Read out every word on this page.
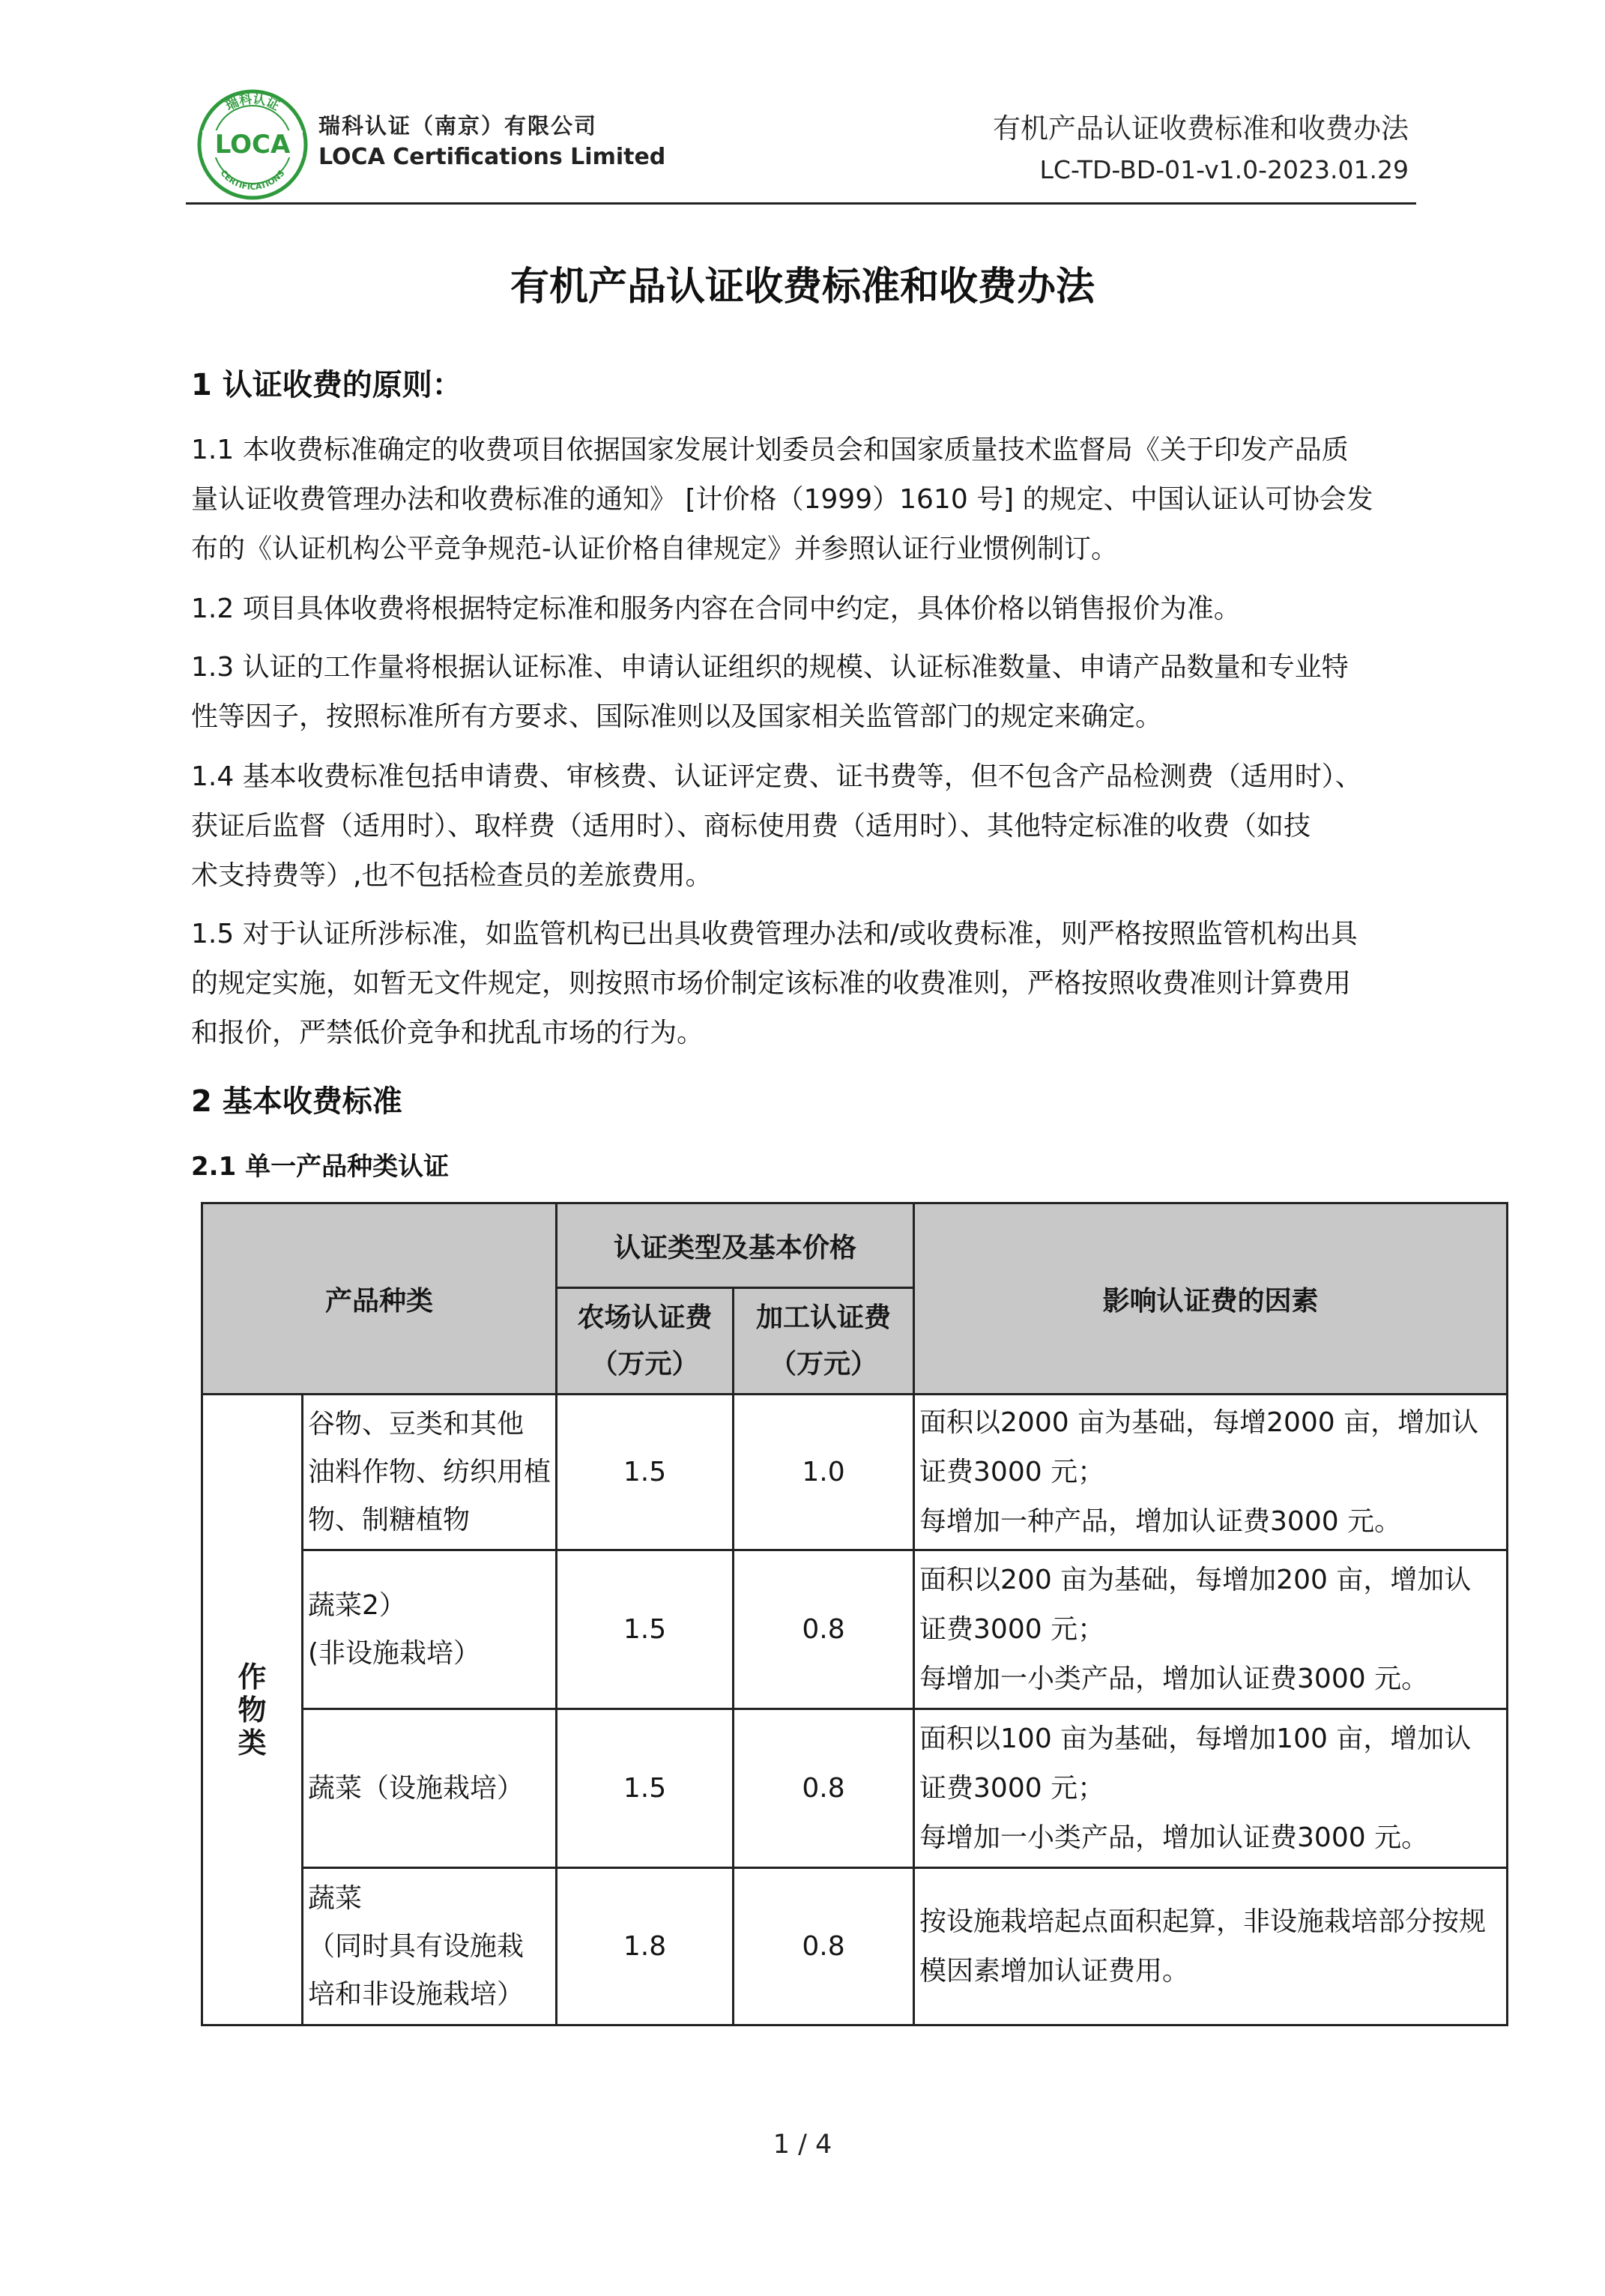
瑞科认证
CERTIFICATIONS
LOCA
瑞科认证（南京）有限公司
LOCA Certifications Limited
有机产品认证收费标准和收费办法
LC-TD-BD-01-v1.0-2023.01.29
有机产品认证收费标准和收费办法
1 认证收费的原则：
1.1 本收费标准确定的收费项目依据国家发展计划委员会和国家质量技术监督局《关于印发产品质
量认证收费管理办法和收费标准的通知》 [计价格（1999）1610 号] 的规定、中国认证认可协会发
布的《认证机构公平竞争规范-认证价格自律规定》并参照认证行业惯例制订。
1.2 项目具体收费将根据特定标准和服务内容在合同中约定，具体价格以销售报价为准。
1.3 认证的工作量将根据认证标准、申请认证组织的规模、认证标准数量、申请产品数量和专业特
性等因子，按照标准所有方要求、国际准则以及国家相关监管部门的规定来确定。
1.4 基本收费标准包括申请费、审核费、认证评定费、证书费等，但不包含产品检测费（适用时）、
获证后监督（适用时）、取样费（适用时）、商标使用费（适用时）、其他特定标准的收费（如技
术支持费等）,也不包括检查员的差旅费用。
1.5 对于认证所涉标准，如监管机构已出具收费管理办法和/或收费标准，则严格按照监管机构出具
的规定实施，如暂无文件规定，则按照市场价制定该标准的收费准则，严格按照收费准则计算费用
和报价，严禁低价竞争和扰乱市场的行为。
2 基本收费标准
2.1 单一产品种类认证
产品种类		认证类型及基本价格		影响认证费的因素

		农场认证费
（万元）	加工认证费
（万元）	

作物类	谷物、豆类和其他
油料作物、纺织用植
物、制糖植物	1.5	1.0	面积以2000 亩为基础，每增2000 亩，增加认
证费3000 元；
每增加一种产品，增加认证费3000 元。

	蔬菜2）
(非设施栽培）	1.5	0.8	面积以200 亩为基础，每增加200 亩，增加认
证费3000 元；
每增加一小类产品，增加认证费3000 元。

	蔬菜（设施栽培）	1.5	0.8	面积以100 亩为基础，每增加100 亩，增加认
证费3000 元；
每增加一小类产品，增加认证费3000 元。

	蔬菜
（同时具有设施栽
培和非设施栽培）	1.8	0.8	按设施栽培起点面积起算，非设施栽培部分按规
模因素增加认证费用。
1 / 4
